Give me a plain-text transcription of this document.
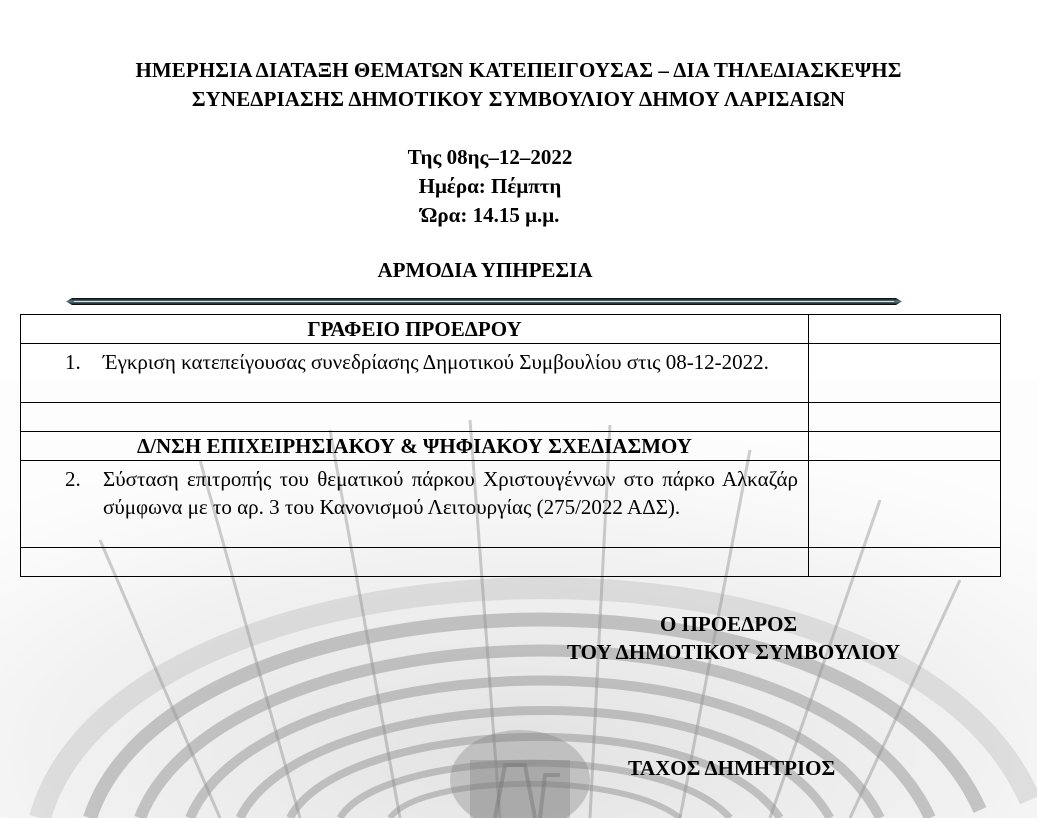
ΗΜΕΡΗΣΙΑ ΔΙΑΤΑΞΗ ΘΕΜΑΤΩΝ ΚΑΤΕΠΕΙΓΟΥΣΑΣ – ΔΙΑ ΤΗΛΕΔΙΑΣΚΕΨΗΣ
ΣΥΝΕΔΡΙΑΣΗΣ ΔΗΜΟΤΙΚΟΥ ΣΥΜΒΟΥΛΙΟΥ ΔΗΜΟΥ ΛΑΡΙΣΑΙΩΝ
Της 08ης–12–2022
Ημέρα: Πέμπτη
Ώρα: 14.15 μ.μ.
ΑΡΜΟΔΙΑ ΥΠΗΡΕΣΙΑ
ΓΡΑΦΕΙΟ ΠΡΟΕΔΡΟΥ	

1. Έγκριση κατεπείγουσας συνεδρίασης Δημοτικού Συμβουλίου στις 08-12-2022.	

Δ/ΝΣΗ ΕΠΙΧΕΙΡΗΣΙΑΚΟΥ & ΨΗΦΙΑΚΟΥ ΣΧΕΔΙΑΣΜΟΥ	

2. Σύσταση επιτροπής του θεματικού πάρκου Χριστουγέννων στο πάρκο Αλκαζάρ σύμφωνα με το αρ. 3 του Κανονισμού Λειτουργίας (275/2022 ΑΔΣ).	

Ο ΠΡΟΕΔΡΟΣ
ΤΟΥ ΔΗΜΟΤΙΚΟΥ ΣΥΜΒΟΥΛΙΟΥ
ΤΑΧΟΣ ΔΗΜΗΤΡΙΟΣ
